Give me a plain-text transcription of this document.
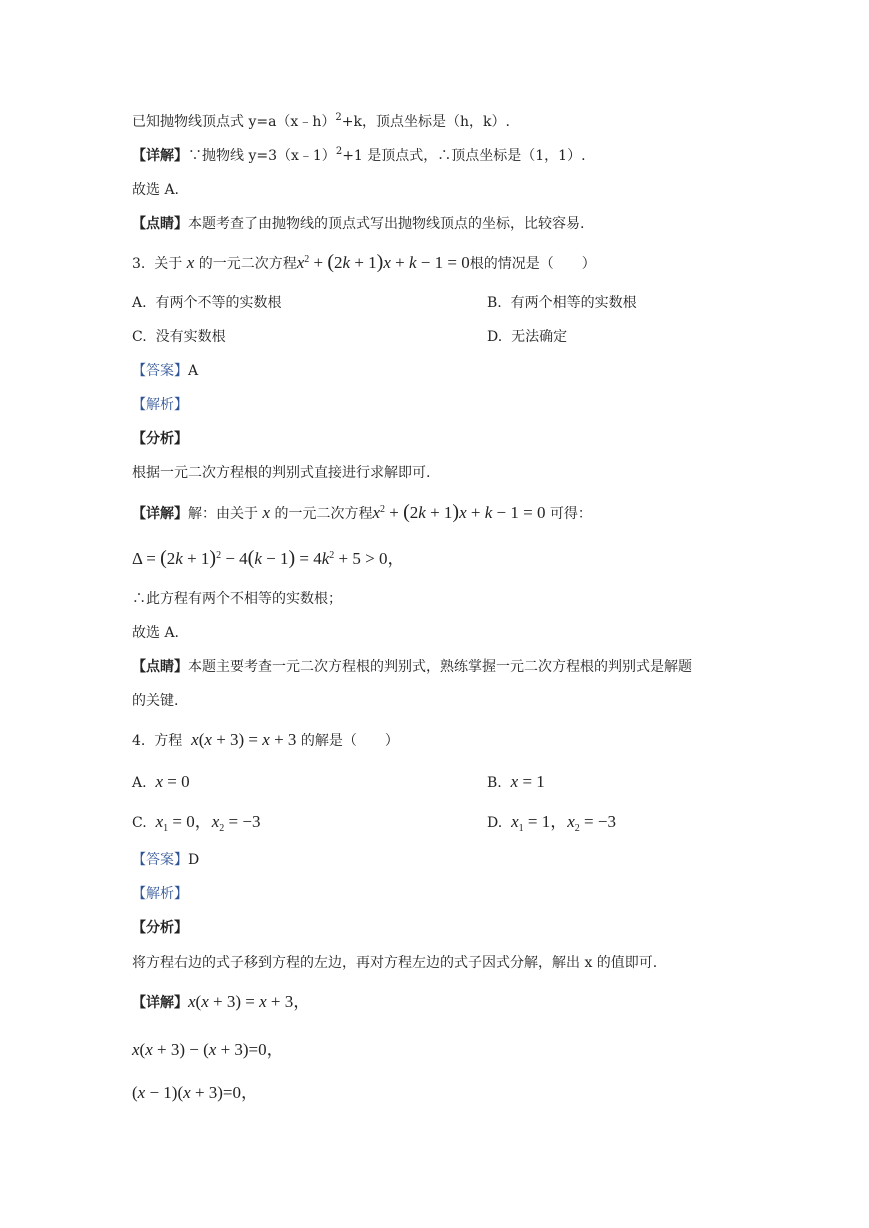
已知抛物线顶点式 y=a（x﹣h）$^2$+k，顶点坐标是（h，k）.
【详解】∵抛物线 y=3（x﹣1）$^2$+1 是顶点式，∴顶点坐标是（1，1）.
故选 A.
【点睛】本题考查了由抛物线的顶点式写出抛物线顶点的坐标，比较容易.
3. 关于 x 的一元二次方程$x^2 + (2k + 1)x + k - 1 = 0$根的情况是（　　）
A. 有两个不等的实数根	B. 有两个相等的实数根
C. 没有实数根	D. 无法确定
【答案】A
【解析】
【分析】
根据一元二次方程根的判别式直接进行求解即可.
【详解】解：由关于 x 的一元二次方程$x^2 + (2k + 1)x + k - 1 = 0$ 可得：
$\Delta = (2k + 1)^2 - 4(k - 1) = 4k^2 + 5 > 0$，
∴此方程有两个不相等的实数根；
故选 A.
【点睛】本题主要考查一元二次方程根的判别式，熟练掌握一元二次方程根的判别式是解题
的关键.
4. 方程 x(x + 3) = x + 3 的解是（　　）
A. x = 0	B. x = 1
C. $x_1 = 0$，$x_2 = -3$	D. $x_1 = 1$，$x_2 = -3$
【答案】D
【解析】
【分析】
将方程右边的式子移到方程的左边，再对方程左边的式子因式分解，解出 x 的值即可.
【详解】x(x + 3) = x + 3，
x(x + 3) − (x + 3)=0，
(x − 1)(x + 3)=0，
